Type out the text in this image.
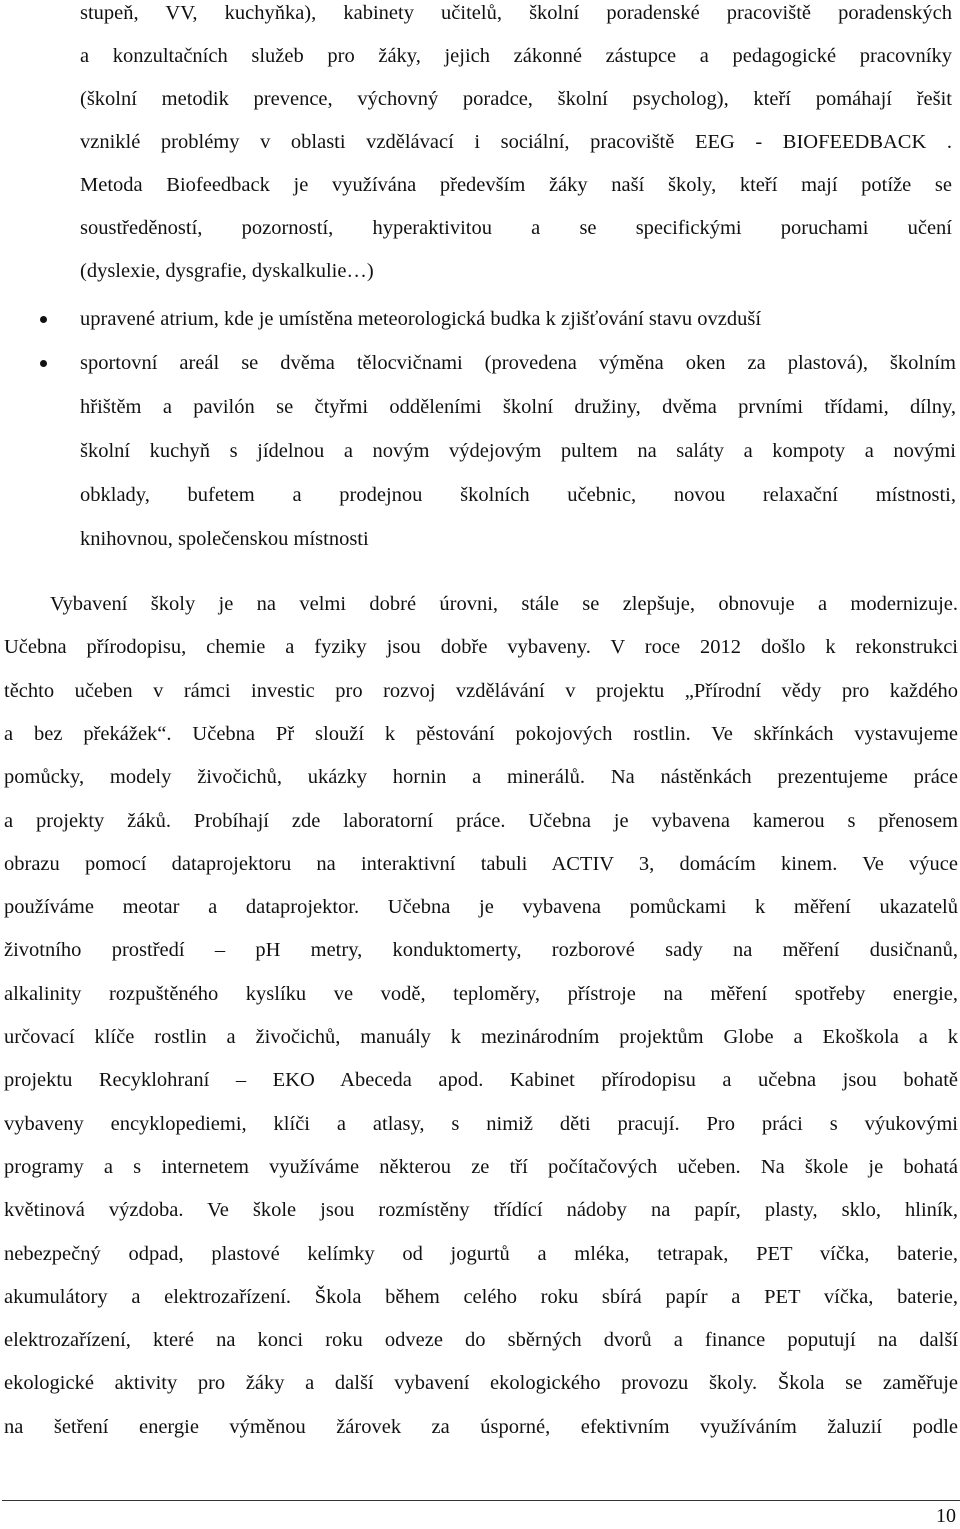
stupeň, VV, kuchyňka), kabinety učitelů, školní poradenské pracoviště poradenských
a konzultačních služeb pro žáky, jejich zákonné zástupce a pedagogické pracovníky
(školní metodik prevence, výchovný poradce, školní psycholog), kteří pomáhají řešit
vzniklé problémy v oblasti vzdělávací i sociální, pracoviště EEG - BIOFEEDBACK .
Metoda Biofeedback je využívána především žáky naší školy, kteří mají potíže se
soustředěností, pozorností, hyperaktivitou a se specifickými poruchami učení
(dyslexie, dysgrafie, dyskalkulie…)
upravené atrium, kde je umístěna meteorologická budka k zjišťování stavu ovzduší
sportovní areál se dvěma tělocvičnami (provedena výměna oken za plastová), školním
hřištěm a pavilón se čtyřmi odděleními školní družiny, dvěma prvními třídami, dílny,
školní kuchyň s jídelnou a novým výdejovým pultem na saláty a kompoty a novými
obklady, bufetem a prodejnou školních učebnic, novou relaxační místnosti,
knihovnou, společenskou místnosti
Vybavení školy je na velmi dobré úrovni, stále se zlepšuje, obnovuje a modernizuje.
Učebna přírodopisu, chemie a fyziky jsou dobře vybaveny. V roce 2012 došlo k rekonstrukci
těchto učeben v rámci investic pro rozvoj vzdělávání v projektu „Přírodní vědy pro každého
a bez překážek“. Učebna Př slouží k pěstování pokojových rostlin. Ve skřínkách vystavujeme
pomůcky, modely živočichů, ukázky hornin a minerálů. Na nástěnkách prezentujeme práce
a projekty žáků. Probíhají zde laboratorní práce. Učebna je vybavena kamerou s přenosem
obrazu pomocí dataprojektoru na interaktivní tabuli ACTIV 3, domácím kinem. Ve výuce
používáme meotar a dataprojektor. Učebna je vybavena pomůckami k měření ukazatelů
životního prostředí – pH metry, konduktomerty, rozborové sady na měření dusičnanů,
alkalinity rozpuštěného kyslíku ve vodě, teploměry, přístroje na měření spotřeby energie,
určovací klíče rostlin a živočichů, manuály k mezinárodním projektům Globe a Ekoškola a k
projektu Recyklohraní – EKO Abeceda apod. Kabinet přírodopisu a učebna jsou bohatě
vybaveny encyklopediemi, klíči a atlasy, s nimiž děti pracují. Pro práci s výukovými
programy a s internetem využíváme některou ze tří počítačových učeben. Na škole je bohatá
květinová výzdoba. Ve škole jsou rozmístěny třídící nádoby na papír, plasty, sklo, hliník,
nebezpečný odpad, plastové kelímky od jogurtů a mléka, tetrapak, PET víčka, baterie,
akumulátory a elektrozařízení. Škola během celého roku sbírá papír a PET víčka, baterie,
elektrozařízení, které na konci roku odveze do sběrných dvorů a finance poputují na další
ekologické aktivity pro žáky a další vybavení ekologického provozu školy. Škola se zaměřuje
na šetření energie výměnou žárovek za úsporné, efektivním využíváním žaluzií podle
10
